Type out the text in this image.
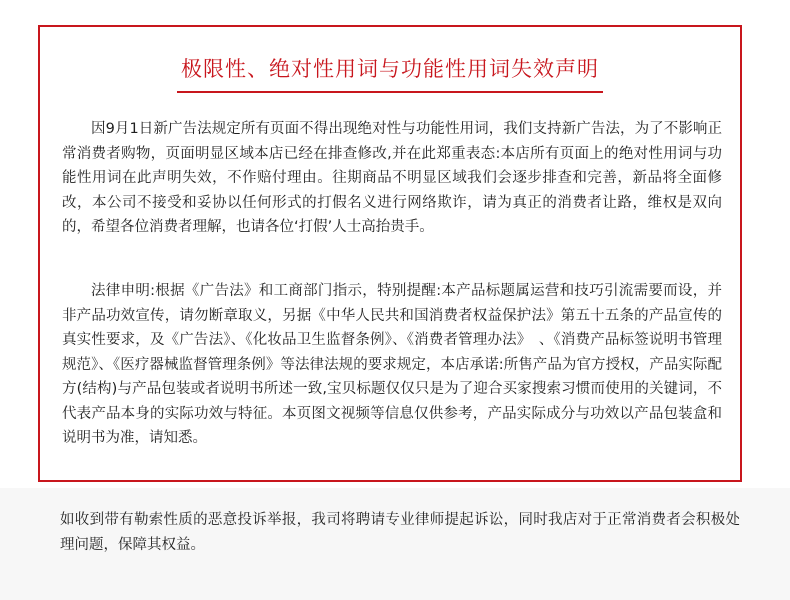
极限性、绝对性用词与功能性用词失效声明

因9月1日新广告法规定所有页面不得出现绝对性与功能性用词，我们支持新广告法，为了不影响正常消费者购物，页面明显区域本店已经在排查修改,并在此郑重表态:本店所有页面上的绝对性用词与功能性用词在此声明失效，不作赔付理由。往期商品不明显区域我们会逐步排查和完善，新品将全面修改，本公司不接受和妥协以任何形式的打假名义进行网络欺诈，请为真正的消费者让路，维权是双向的，希望各位消费者理解，也请各位‘打假’人士高抬贵手。

法律申明:根据《广告法》和工商部门指示，特别提醒:本产品标题属运营和技巧引流需要而设，并非产品功效宣传，请勿断章取义，另据《中华人民共和国消费者权益保护法》第五十五条的产品宣传的真实性要求，及《广告法》、《化妆品卫生监督条例》、《消费者管理办法》　、《消费产品标签说明书管理规范》、《医疗器械监督管理条例》等法律法规的要求规定，本店承诺:所售产品为官方授权，产品实际配方(结构)与产品包装或者说明书所述一致,宝贝标题仅仅只是为了迎合买家搜索习惯而使用的关键词，不代表产品本身的实际功效与特征。本页图文视频等信息仅供参考，产品实际成分与功效以产品包装盒和说明书为准，请知悉。

如收到带有勒索性质的恶意投诉举报，我司将聘请专业律师提起诉讼，同时我店对于正常消费者会积极处理问题，保障其权益。
